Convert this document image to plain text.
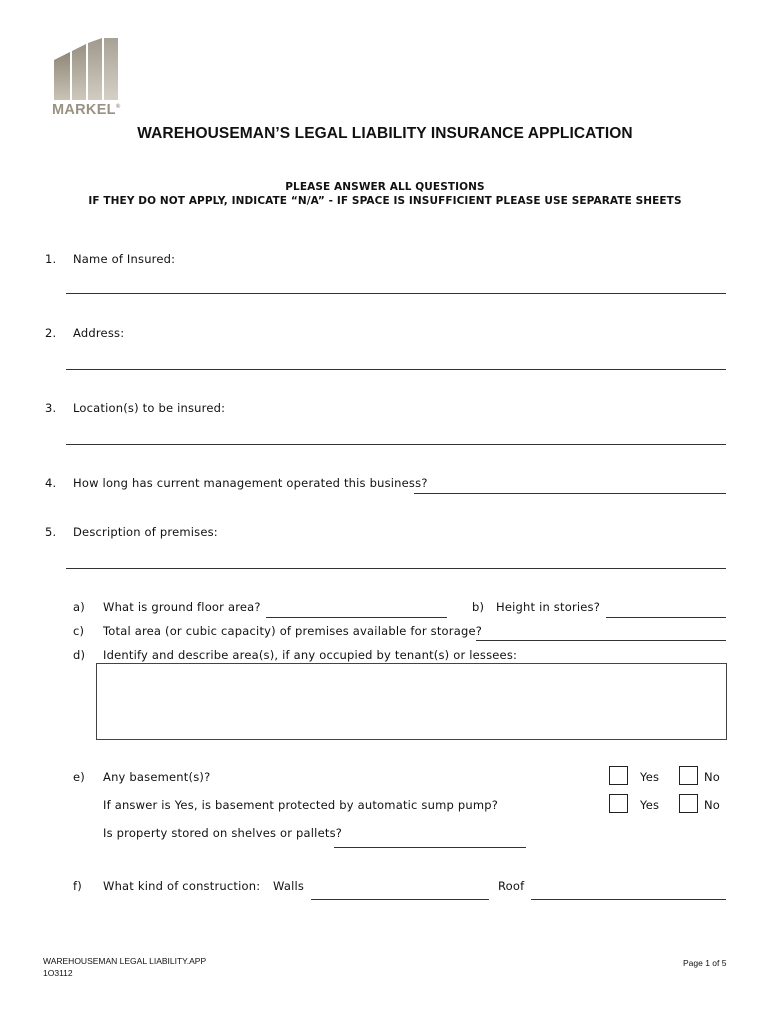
MARKEL®
WAREHOUSEMAN’S LEGAL LIABILITY INSURANCE APPLICATION
PLEASE ANSWER ALL QUESTIONS
IF THEY DO NOT APPLY, INDICATE “N/A” - IF SPACE IS INSUFFICIENT PLEASE USE SEPARATE SHEETS
1. Name of Insured:
2. Address:
3. Location(s) to be insured:
4. How long has current management operated this business?
5. Description of premises:
a) What is ground floor area?	b) Height in stories?
c) Total area (or cubic capacity) of premises available for storage?
d) Identify and describe area(s), if any occupied by tenant(s) or lessees:
e) Any basement(s)?	Yes	No
If answer is Yes, is basement protected by automatic sump pump?	Yes	No
Is property stored on shelves or pallets?
f) What kind of construction: Walls	Roof
WAREHOUSEMAN LEGAL LIABILITY.APP
1O3112
Page 1 of 5
